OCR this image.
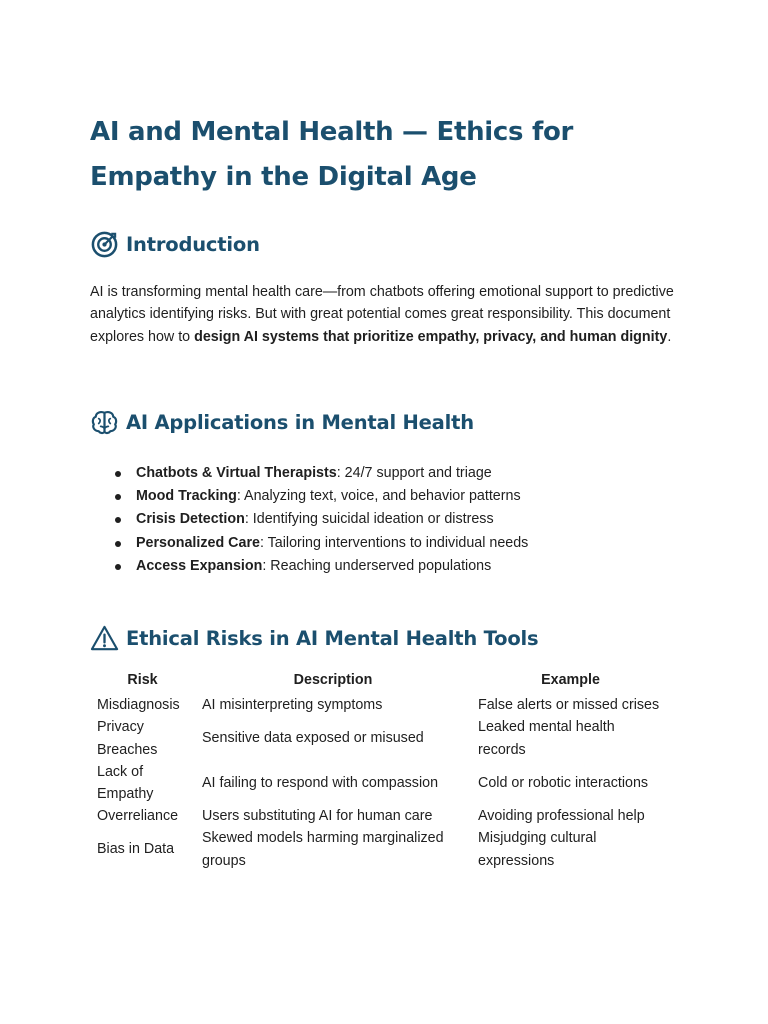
AI and Mental Health — Ethics for Empathy in the Digital Age
Introduction

AI is transforming mental health care—from chatbots offering emotional support to predictive analytics identifying risks. But with great potential comes great responsibility. This document explores how to design AI systems that prioritize empathy, privacy, and human dignity.

AI Applications in Mental Health
Chatbots & Virtual Therapists: 24/7 support and triage
Mood Tracking: Analyzing text, voice, and behavior patterns
Crisis Detection: Identifying suicidal ideation or distress
Personalized Care: Tailoring interventions to individual needs
Access Expansion: Reaching underserved populations
Ethical Risks in AI Mental Health Tools
Risk	Description	Example
Misdiagnosis	AI misinterpreting symptoms	False alerts or missed crises
Privacy Breaches	Sensitive data exposed or misused	Leaked mental health records
Lack of Empathy	AI failing to respond with compassion	Cold or robotic interactions
Overreliance	Users substituting AI for human care	Avoiding professional help
Bias in Data	Skewed models harming marginalized groups	Misjudging cultural expressions
